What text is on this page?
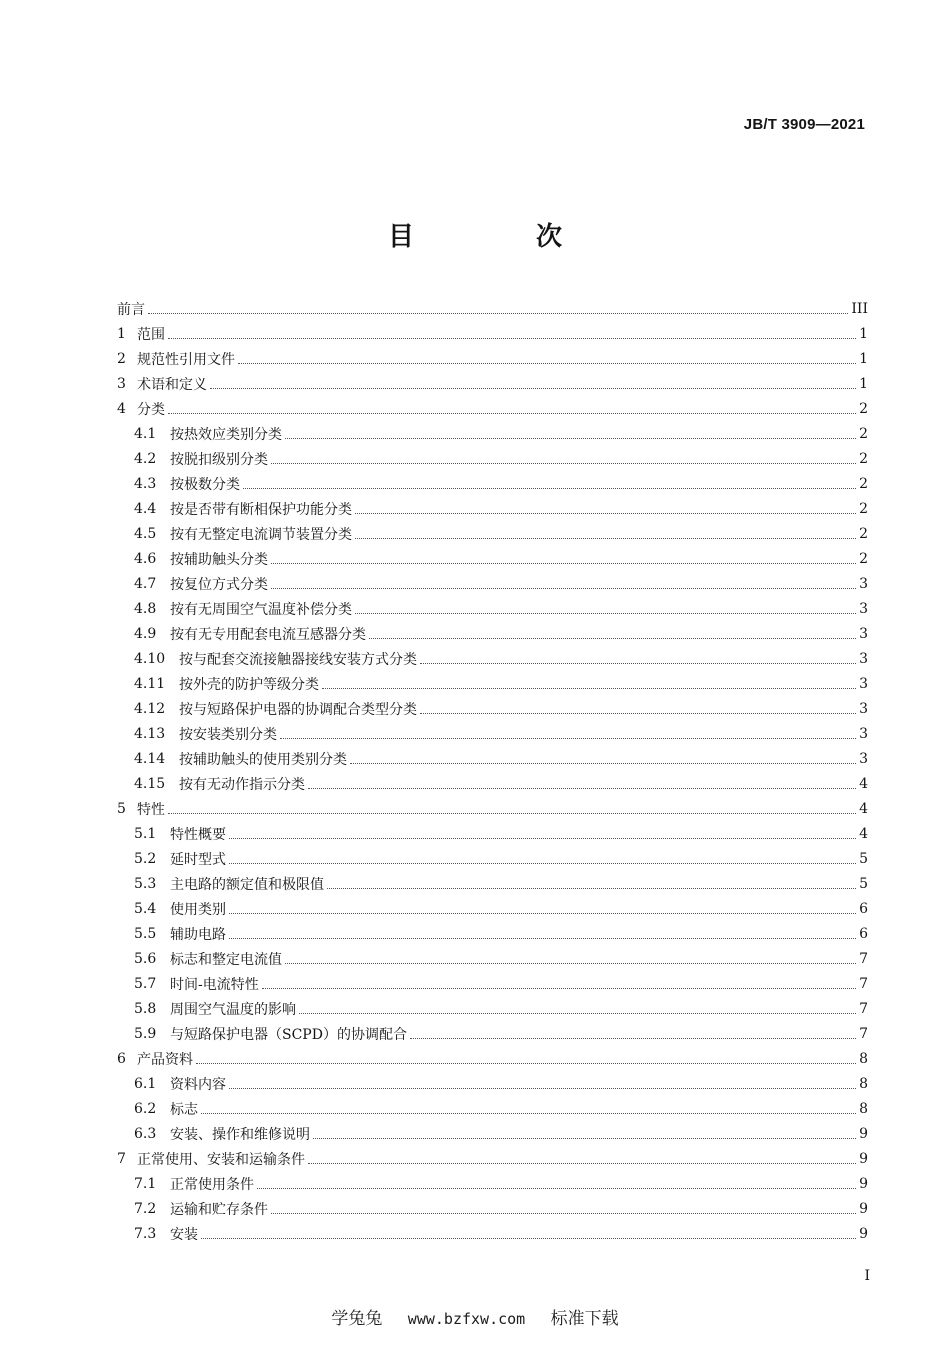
JB/T 3909—2021
目　次
前言	III
1 范围	1
2 规范性引用文件	1
3 术语和定义	1
4 分类	2
4.1 按热效应类别分类	2
4.2 按脱扣级别分类	2
4.3 按极数分类	2
4.4 按是否带有断相保护功能分类	2
4.5 按有无整定电流调节装置分类	2
4.6 按辅助触头分类	2
4.7 按复位方式分类	3
4.8 按有无周围空气温度补偿分类	3
4.9 按有无专用配套电流互感器分类	3
4.10 按与配套交流接触器接线安装方式分类	3
4.11 按外壳的防护等级分类	3
4.12 按与短路保护电器的协调配合类型分类	3
4.13 按安装类别分类	3
4.14 按辅助触头的使用类别分类	3
4.15 按有无动作指示分类	4
5 特性	4
5.1 特性概要	4
5.2 延时型式	5
5.3 主电路的额定值和极限值	5
5.4 使用类别	6
5.5 辅助电路	6
5.6 标志和整定电流值	7
5.7 时间-电流特性	7
5.8 周围空气温度的影响	7
5.9 与短路保护电器（SCPD）的协调配合	7
6 产品资料	8
6.1 资料内容	8
6.2 标志	8
6.3 安装、操作和维修说明	9
7 正常使用、安装和运输条件	9
7.1 正常使用条件	9
7.2 运输和贮存条件	9
7.3 安装	9
I
学兔兔 www.bzfxw.com 标准下载
